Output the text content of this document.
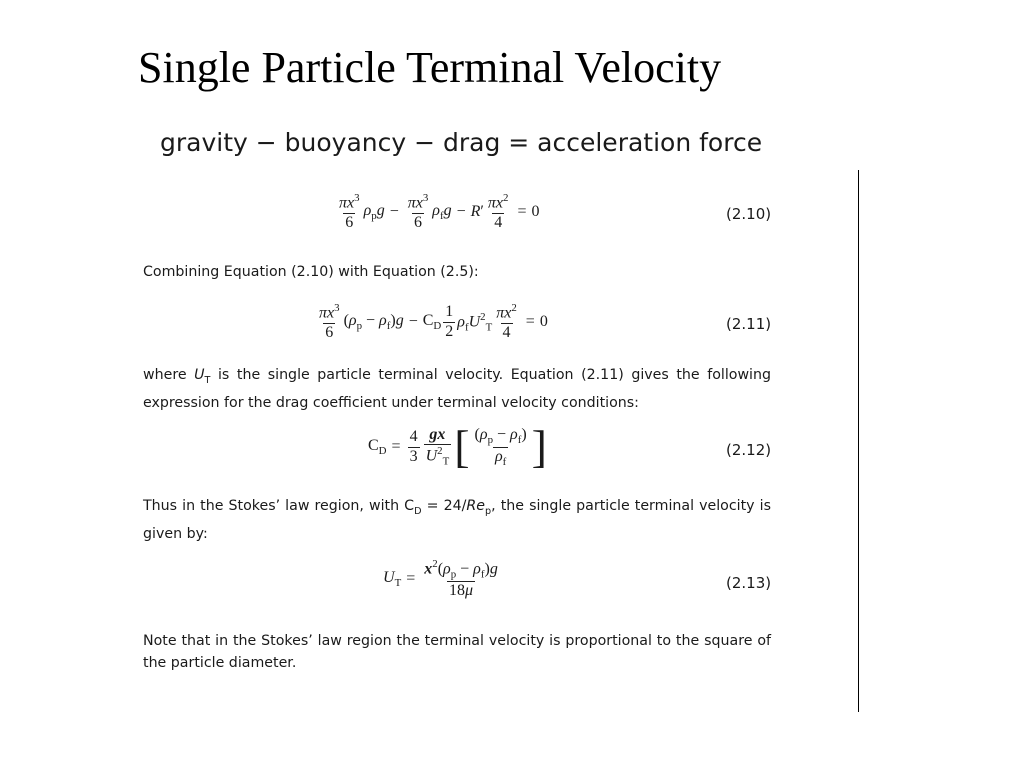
Single Particle Terminal Velocity
gravity − buoyancy − drag = acceleration force
$\frac{\pi x^3}{6} \rho_pg - \frac{\pi x^3}{6} \rho_fg - R' \frac{\pi x^2}{4} = 0$	(2.10)
Combining Equation (2.10) with Equation (2.5):
$\frac{\pi x^3}{6} (\rho_p - \rho_f)g - C_D \frac{1}{2} \rho_fU^2_T \frac{\pi x^2}{4} = 0$	(2.11)
where $U_T$ is the single particle terminal velocity. Equation (2.11) gives the following expression for the drag coefficient under terminal velocity conditions:
$C_D = \frac{4}{3} \frac{gx}{U^2_T}$ [ $\frac{(\rho_p - \rho_f)}{\rho_f}$ ]	(2.12)
Thus in the Stokes’ law region, with $C_D = 24/Re_p$, the single particle terminal velocity is given by:
$U_T = \frac{x^2(\rho_p - \rho_f)g}{18\mu}$	(2.13)
Note that in the Stokes’ law region the terminal velocity is proportional to the square of the particle diameter.
